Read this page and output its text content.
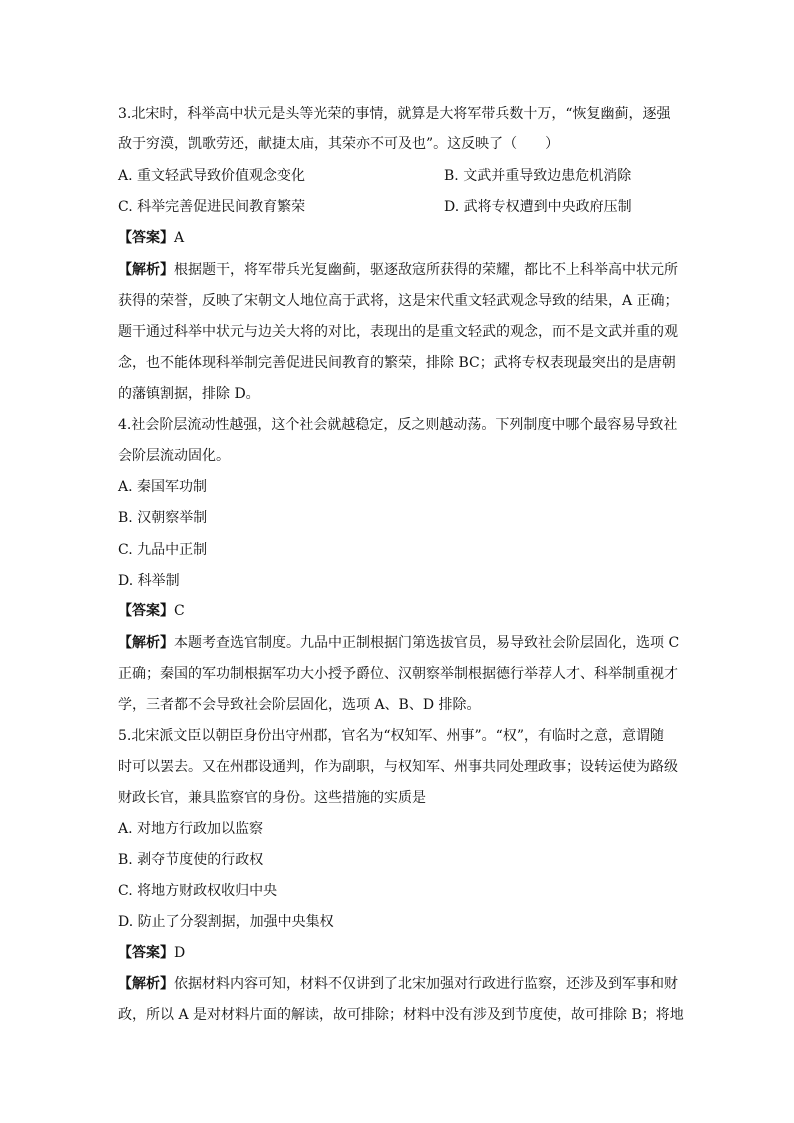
3.北宋时，科举高中状元是头等光荣的事情，就算是大将军带兵数十万，“恢复幽蓟，逐强
敌于穷漠，凯歌劳还，献捷太庙，其荣亦不可及也”。这反映了（　　）
A. 重文轻武导致价值观念变化	B. 文武并重导致边患危机消除
C. 科举完善促进民间教育繁荣	D. 武将专权遭到中央政府压制
【答案】A
【解析】根据题干，将军带兵光复幽蓟，驱逐敌寇所获得的荣耀，都比不上科举高中状元所
获得的荣誉，反映了宋朝文人地位高于武将，这是宋代重文轻武观念导致的结果，A 正确；
题干通过科举中状元与边关大将的对比，表现出的是重文轻武的观念，而不是文武并重的观
念，也不能体现科举制完善促进民间教育的繁荣，排除 BC；武将专权表现最突出的是唐朝
的藩镇割据，排除 D。
4.社会阶层流动性越强，这个社会就越稳定，反之则越动荡。下列制度中哪个最容易导致社
会阶层流动固化。
A. 秦国军功制
B. 汉朝察举制
C. 九品中正制
D. 科举制
【答案】C
【解析】本题考查选官制度。九品中正制根据门第选拔官员，易导致社会阶层固化，选项 C
正确；秦国的军功制根据军功大小授予爵位、汉朝察举制根据德行举荐人才、科举制重视才
学，三者都不会导致社会阶层固化，选项 A、B、D 排除。
5.北宋派文臣以朝臣身份出守州郡，官名为“权知军、州事”。“权”，有临时之意，意谓随
时可以罢去。又在州郡设通判，作为副职，与权知军、州事共同处理政事；设转运使为路级
财政长官，兼具监察官的身份。这些措施的实质是
A. 对地方行政加以监察
B. 剥夺节度使的行政权
C. 将地方财政权收归中央
D. 防止了分裂割据，加强中央集权
【答案】D
【解析】依据材料内容可知，材料不仅讲到了北宋加强对行政进行监察，还涉及到军事和财
政，所以 A 是对材料片面的解读，故可排除；材料中没有涉及到节度使，故可排除 B；将地
